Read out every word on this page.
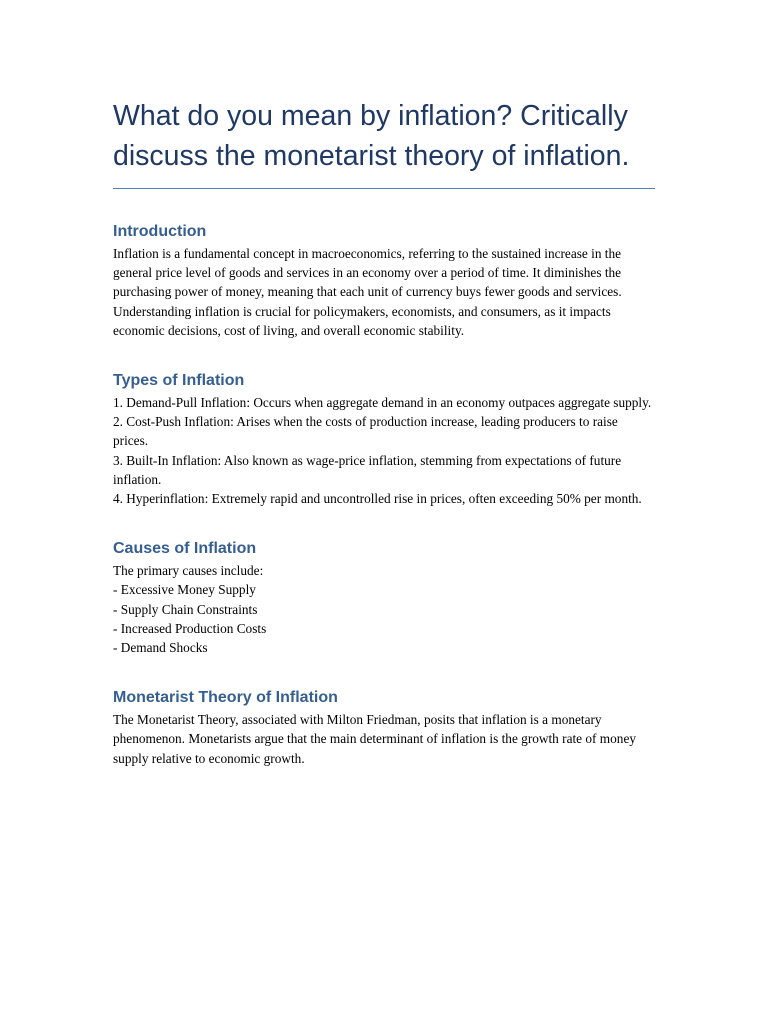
What do you mean by inflation? Critically discuss the monetarist theory of inflation.
Introduction

Inflation is a fundamental concept in macroeconomics, referring to the sustained increase in the general price level of goods and services in an economy over a period of time. It diminishes the purchasing power of money, meaning that each unit of currency buys fewer goods and services. Understanding inflation is crucial for policymakers, economists, and consumers, as it impacts economic decisions, cost of living, and overall economic stability.

Types of Inflation
1. Demand-Pull Inflation: Occurs when aggregate demand in an economy outpaces aggregate supply.
2. Cost-Push Inflation: Arises when the costs of production increase, leading producers to raise prices.
3. Built-In Inflation: Also known as wage-price inflation, stemming from expectations of future inflation.
4. Hyperinflation: Extremely rapid and uncontrolled rise in prices, often exceeding 50% per month.
Causes of Inflation

The primary causes include:

- Excessive Money Supply
- Supply Chain Constraints
- Increased Production Costs
- Demand Shocks
Monetarist Theory of Inflation

The Monetarist Theory, associated with Milton Friedman, posits that inflation is a monetary phenomenon. Monetarists argue that the main determinant of inflation is the growth rate of money supply relative to economic growth.
